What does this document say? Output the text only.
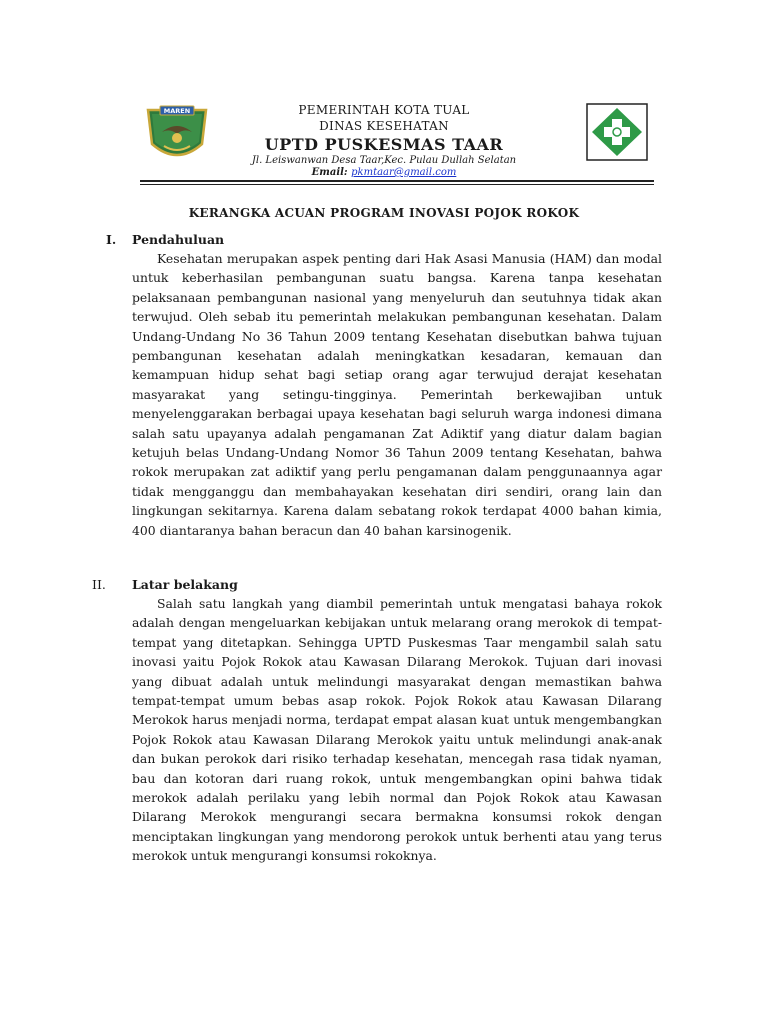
MAREN	PEMERINTAH KOTA TUAL
DINAS KESEHATAN
UPTD PUSKESMAS TAAR
Jl. Leiswanwan Desa Taar,Kec. Pulau Dullah Selatan
Email: pkmtaar@gmail.com
KERANGKA ACUAN PROGRAM INOVASI POJOK ROKOK
I. Pendahuluan

Kesehatan merupakan aspek penting dari Hak Asasi Manusia (HAM) dan modal untuk keberhasilan pembangunan suatu bangsa. Karena tanpa kesehatan pelaksanaan pembangunan nasional yang menyeluruh dan seutuhnya tidak akan terwujud. Oleh sebab itu pemerintah melakukan pembangunan kesehatan. Dalam Undang-Undang No 36 Tahun 2009 tentang Kesehatan disebutkan bahwa tujuan pembangunan kesehatan adalah meningkatkan kesadaran, kemauan dan kemampuan hidup sehat bagi setiap orang agar terwujud derajat kesehatan masyarakat yang setingu-tingginya. Pemerintah berkewajiban untuk menyelenggarakan berbagai upaya kesehatan bagi seluruh warga indonesi dimana salah satu upayanya adalah pengamanan Zat Adiktif yang diatur dalam bagian ketujuh belas Undang-Undang Nomor 36 Tahun 2009 tentang Kesehatan, bahwa rokok merupakan zat adiktif yang perlu pengamanan dalam penggunaannya agar tidak mengganggu dan membahayakan kesehatan diri sendiri, orang lain dan lingkungan sekitarnya. Karena dalam sebatang rokok terdapat 4000 bahan kimia, 400 diantaranya bahan beracun dan 40 bahan karsinogenik.

II. Latar belakang

Salah satu langkah yang diambil pemerintah untuk mengatasi bahaya rokok adalah dengan mengeluarkan kebijakan untuk melarang orang merokok di tempat-tempat yang ditetapkan. Sehingga UPTD Puskesmas Taar mengambil salah satu inovasi yaitu Pojok Rokok atau Kawasan Dilarang Merokok. Tujuan dari inovasi yang dibuat adalah untuk melindungi masyarakat dengan memastikan bahwa tempat-tempat umum bebas asap rokok. Pojok Rokok atau Kawasan Dilarang Merokok harus menjadi norma, terdapat empat alasan kuat untuk mengembangkan Pojok Rokok atau Kawasan Dilarang Merokok yaitu untuk melindungi anak-anak dan bukan perokok dari risiko terhadap kesehatan, mencegah rasa tidak nyaman, bau dan kotoran dari ruang rokok, untuk mengembangkan opini bahwa tidak merokok adalah perilaku yang lebih normal dan Pojok Rokok atau Kawasan Dilarang Merokok mengurangi secara bermakna konsumsi rokok dengan menciptakan lingkungan yang mendorong perokok untuk berhenti atau yang terus merokok untuk mengurangi konsumsi rokoknya.
